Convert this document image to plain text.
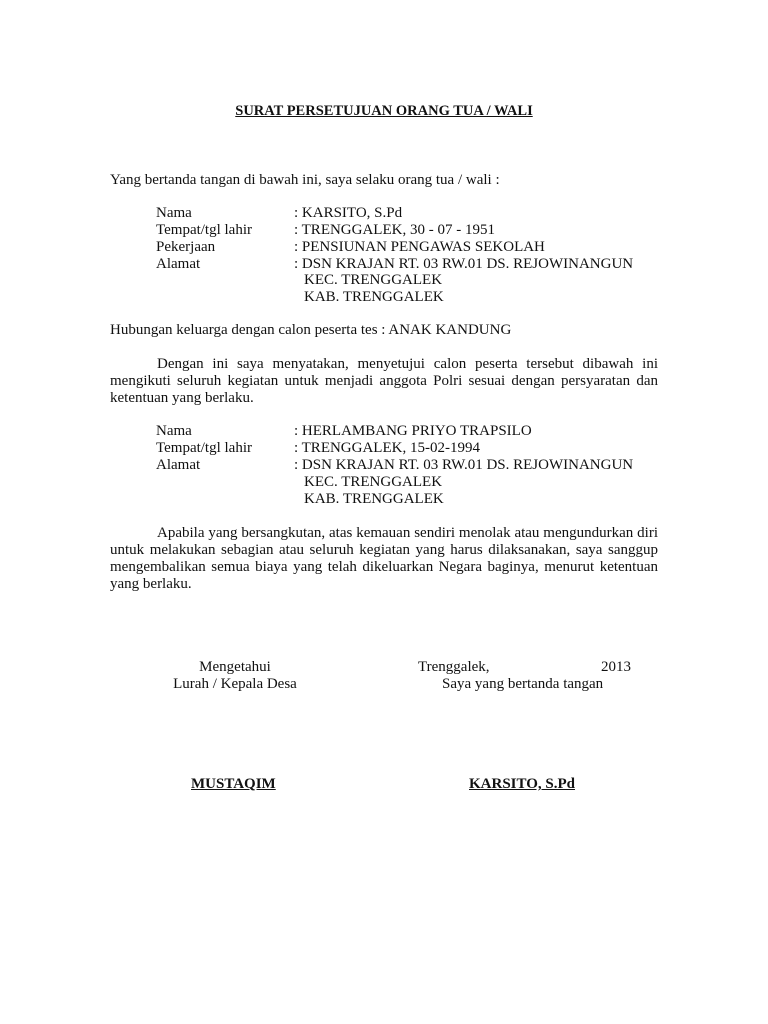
SURAT PERSETUJUAN ORANG TUA / WALI
Yang bertanda tangan di bawah ini, saya selaku orang tua / wali :
Nama	: KARSITO, S.Pd
Tempat/tgl lahir	: TRENGGALEK, 30 - 07 - 1951
Pekerjaan	: PENSIUNAN PENGAWAS SEKOLAH
Alamat	: DSN KRAJAN RT. 03 RW.01 DS. REJOWINANGUN
KEC. TRENGGALEK
KAB. TRENGGALEK
Hubungan keluarga dengan calon peserta tes : ANAK KANDUNG
Dengan ini saya menyatakan, menyetujui calon peserta tersebut dibawah ini mengikuti seluruh kegiatan untuk menjadi anggota Polri sesuai dengan persyaratan dan ketentuan yang berlaku.
Nama	: HERLAMBANG PRIYO TRAPSILO
Tempat/tgl lahir	: TRENGGALEK, 15-02-1994
Alamat	: DSN KRAJAN RT. 03 RW.01 DS. REJOWINANGUN
KEC. TRENGGALEK
KAB. TRENGGALEK
Apabila yang bersangkutan, atas kemauan sendiri menolak atau mengundurkan diri untuk melakukan sebagian atau seluruh kegiatan yang harus dilaksanakan, saya sanggup mengembalikan semua biaya yang telah dikeluarkan Negara baginya, menurut ketentuan yang berlaku.
Mengetahui
Lurah / Kepala Desa
Trenggalek,	2013
Saya yang bertanda tangan
MUSTAQIM	KARSITO, S.Pd
